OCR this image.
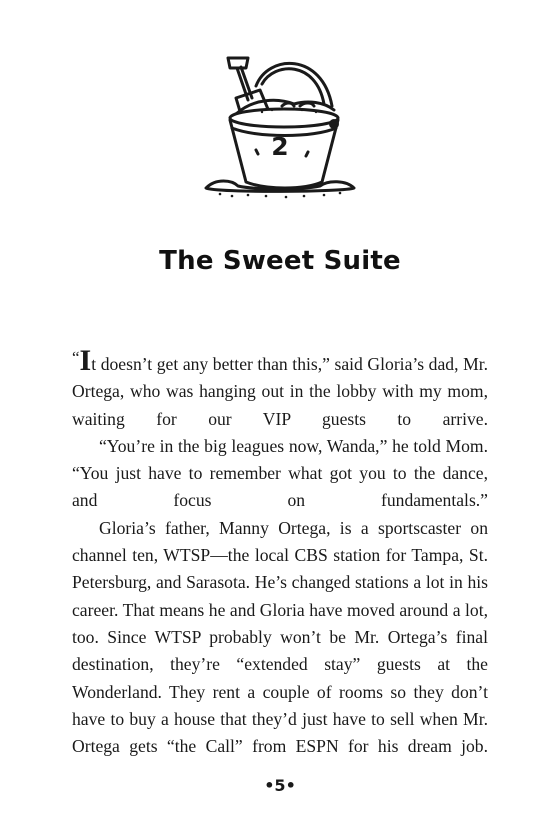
2
The Sweet Suite

“It doesn’t get any better than this,” said Gloria’s dad, Mr. Ortega, who was hanging out in the lobby with my mom, waiting for our VIP guests to arrive.

“You’re in the big leagues now, Wanda,” he told Mom. “You just have to remember what got you to the dance, and focus on fundamentals.”

Gloria’s father, Manny Ortega, is a sportscaster on channel ten, WTSP—the local CBS station for Tampa, St. Petersburg, and Sarasota. He’s changed stations a lot in his career. That means he and Gloria have moved around a lot, too. Since WTSP probably won’t be Mr. Ortega’s final destination, they’re “extended stay” guests at the Wonderland. They rent a couple of rooms so they don’t have to buy a house that they’d just have to sell when Mr. Ortega gets “the Call” from ESPN for his dream job.

•5•
